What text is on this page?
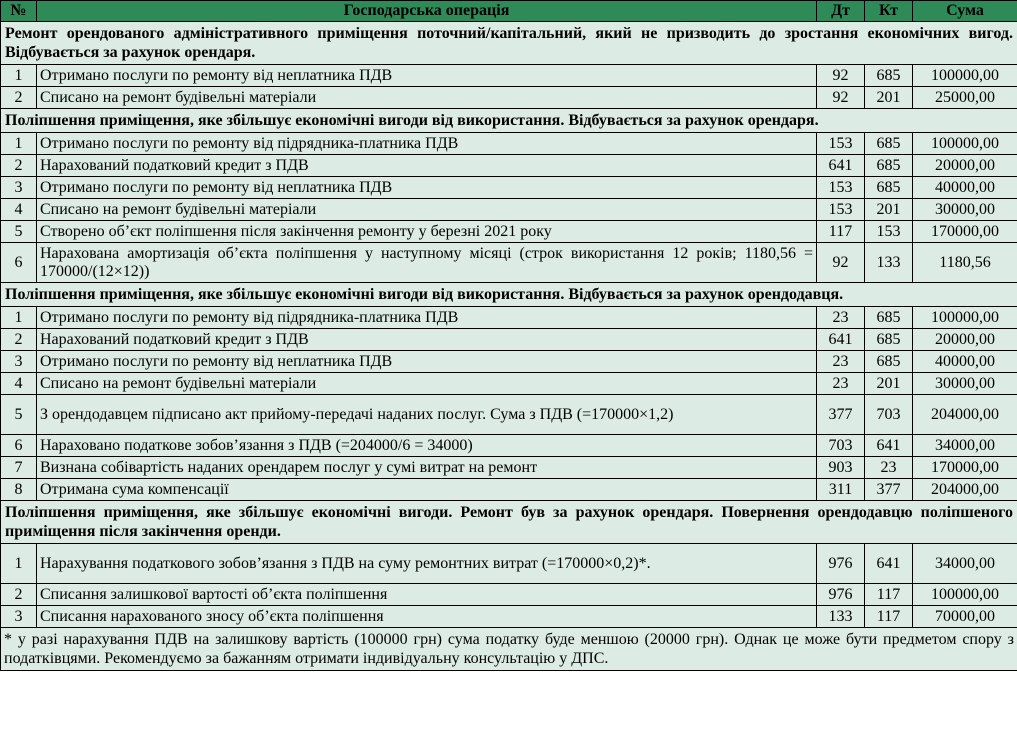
№	Господарська операція	Дт	Кт	Сума
Ремонт орендованого адміністративного приміщення поточний/капітальний, який не призводить до зростання економічних вигод. Відбувається за рахунок орендаря.				
1	Отримано послуги по ремонту від неплатника ПДВ	92	685	100000,00
2	Списано на ремонт будівельні матеріали	92	201	25000,00
Поліпшення приміщення, яке збільшує економічні вигоди від використання. Відбувається за рахунок орендаря.				
1	Отримано послуги по ремонту від підрядника-платника ПДВ	153	685	100000,00
2	Нарахований податковий кредит з ПДВ	641	685	20000,00
3	Отримано послуги по ремонту від неплатника ПДВ	153	685	40000,00
4	Списано на ремонт будівельні матеріали	153	201	30000,00
5	Створено об’єкт поліпшення після закінчення ремонту у березні 2021 року	117	153	170000,00
6	Нарахована амортизація об’єкта поліпшення у наступному місяці (строк використання 12 років; 1180,56 = 170000/(12×12))	92	133	1180,56
Поліпшення приміщення, яке збільшує економічні вигоди від використання. Відбувається за рахунок орендодавця.				
1	Отримано послуги по ремонту від підрядника-платника ПДВ	23	685	100000,00
2	Нарахований податковий кредит з ПДВ	641	685	20000,00
3	Отримано послуги по ремонту від неплатника ПДВ	23	685	40000,00
4	Списано на ремонт будівельні матеріали	23	201	30000,00
5	З орендодавцем підписано акт прийому-передачі наданих послуг. Сума з ПДВ (=170000×1,2)	377	703	204000,00
6	Нараховано податкове зобов’язання з ПДВ (=204000/6 = 34000)	703	641	34000,00
7	Визнана собівартість наданих орендарем послуг у сумі витрат на ремонт	903	23	170000,00
8	Отримана сума компенсації	311	377	204000,00
Поліпшення приміщення, яке збільшує економічні вигоди. Ремонт був за рахунок орендаря. Повернення орендодавцю поліпшеного приміщення після закінчення оренди.				
1	Нарахування податкового зобов’язання з ПДВ на суму ремонтних витрат (=170000×0,2)*.	976	641	34000,00
2	Списання залишкової вартості об’єкта поліпшення	976	117	100000,00
3	Списання нарахованого зносу об’єкта поліпшення	133	117	70000,00
* у разі нарахування ПДВ на залишкову вартість (100000 грн) сума податку буде меншою (20000 грн). Однак це може бути предметом спору з податківцями. Рекомендуємо за бажанням отримати індивідуальну консультацію у ДПС.				
